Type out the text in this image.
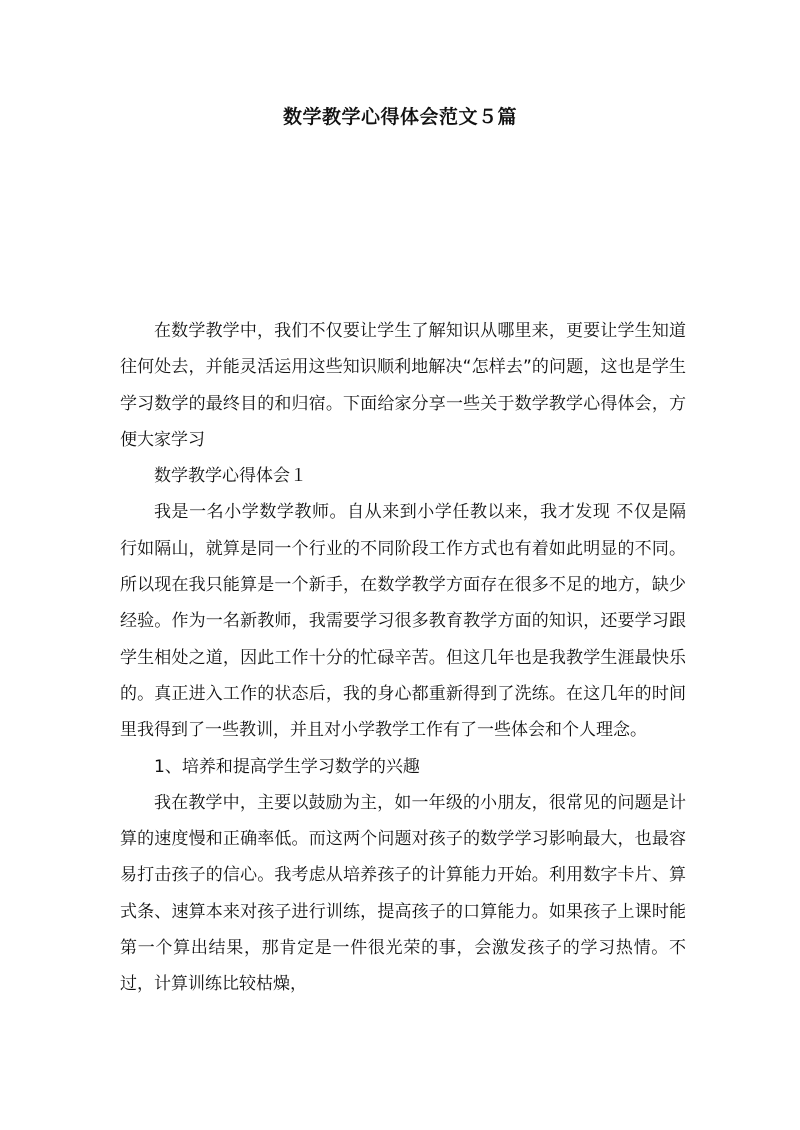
数学教学心得体会范文５篇

在数学教学中，我们不仅要让学生了解知识从哪里来，更要让学生知道往何处去，并能灵活运用这些知识顺利地解决“怎样去”的问题，这也是学生学习数学的最终目的和归宿。下面给家分享一些关于数学教学心得体会，方便大家学习

数学教学心得体会１

我是一名小学数学教师。自从来到小学任教以来，我才发现 不仅是隔行如隔山，就算是同一个行业的不同阶段工作方式也有着如此明显的不同。所以现在我只能算是一个新手，在数学教学方面存在很多不足的地方，缺少经验。作为一名新教师，我需要学习很多教育教学方面的知识，还要学习跟学生相处之道，因此工作十分的忙碌辛苦。但这几年也是我教学生涯最快乐的。真正进入工作的状态后，我的身心都重新得到了洗练。在这几年的时间里我得到了一些教训，并且对小学教学工作有了一些体会和个人理念。

1、培养和提高学生学习数学的兴趣

我在教学中，主要以鼓励为主，如一年级的小朋友，很常见的问题是计算的速度慢和正确率低。而这两个问题对孩子的数学学习影响最大，也最容易打击孩子的信心。我考虑从培养孩子的计算能力开始。利用数字卡片、算式条、速算本来对孩子进行训练，提高孩子的口算能力。如果孩子上课时能第一个算出结果，那肯定是一件很光荣的事，会激发孩子的学习热情。不过，计算训练比较枯燥，
